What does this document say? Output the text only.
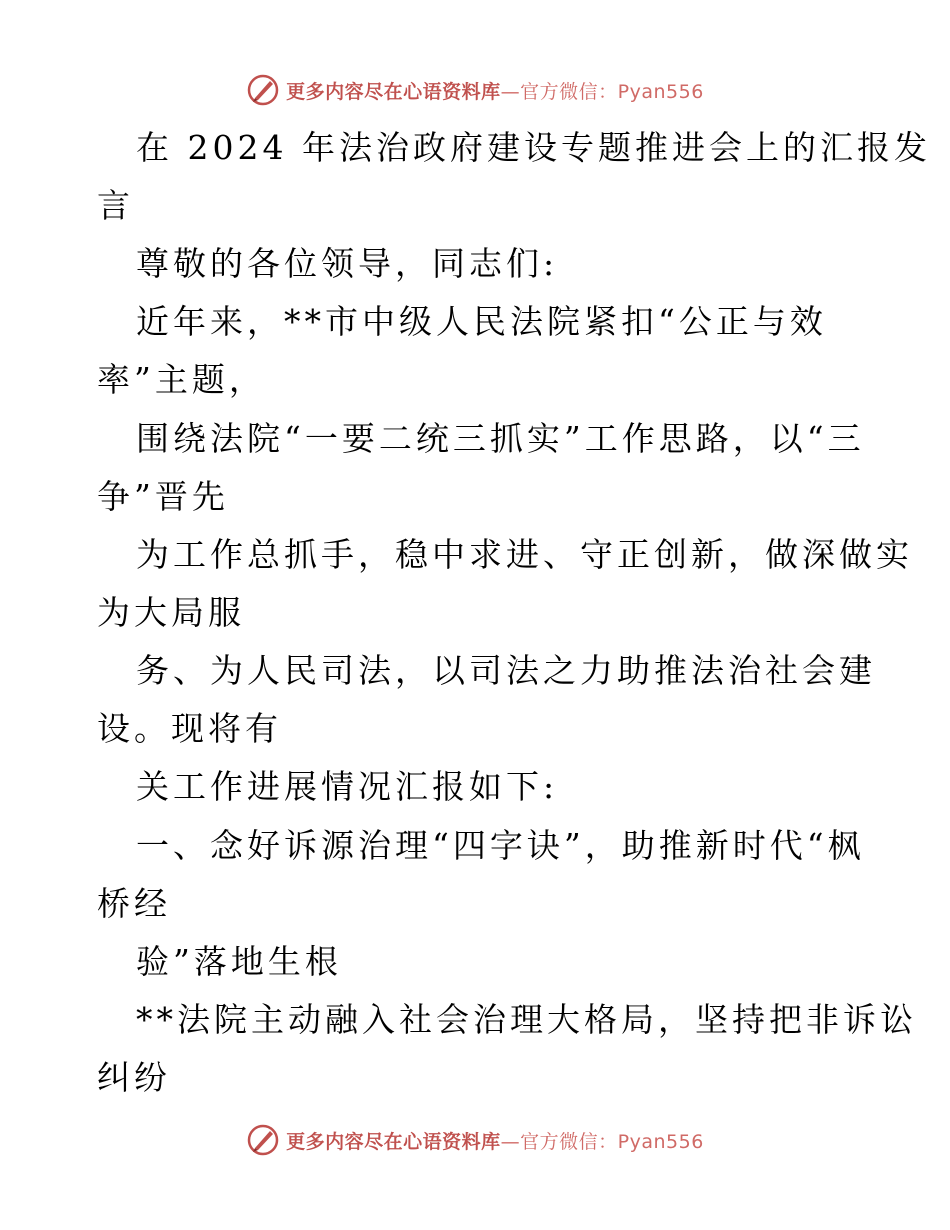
更多内容尽在心语资料库—官方微信：Pyan556
在 2024 年法治政府建设专题推进会上的汇报发
言
尊敬的各位领导，同志们:
近年来，**市中级人民法院紧扣“公正与效
率”主题，
围绕法院“一要二统三抓实”工作思路，以“三
争”晋先
为工作总抓手，稳中求进、守正创新，做深做实
为大局服
务、为人民司法，以司法之力助推法治社会建
设。现将有
关工作进展情况汇报如下:
一、念好诉源治理“四字诀”，助推新时代“枫
桥经
验”落地生根
**法院主动融入社会治理大格局，坚持把非诉讼
纠纷
更多内容尽在心语资料库—官方微信：Pyan556
